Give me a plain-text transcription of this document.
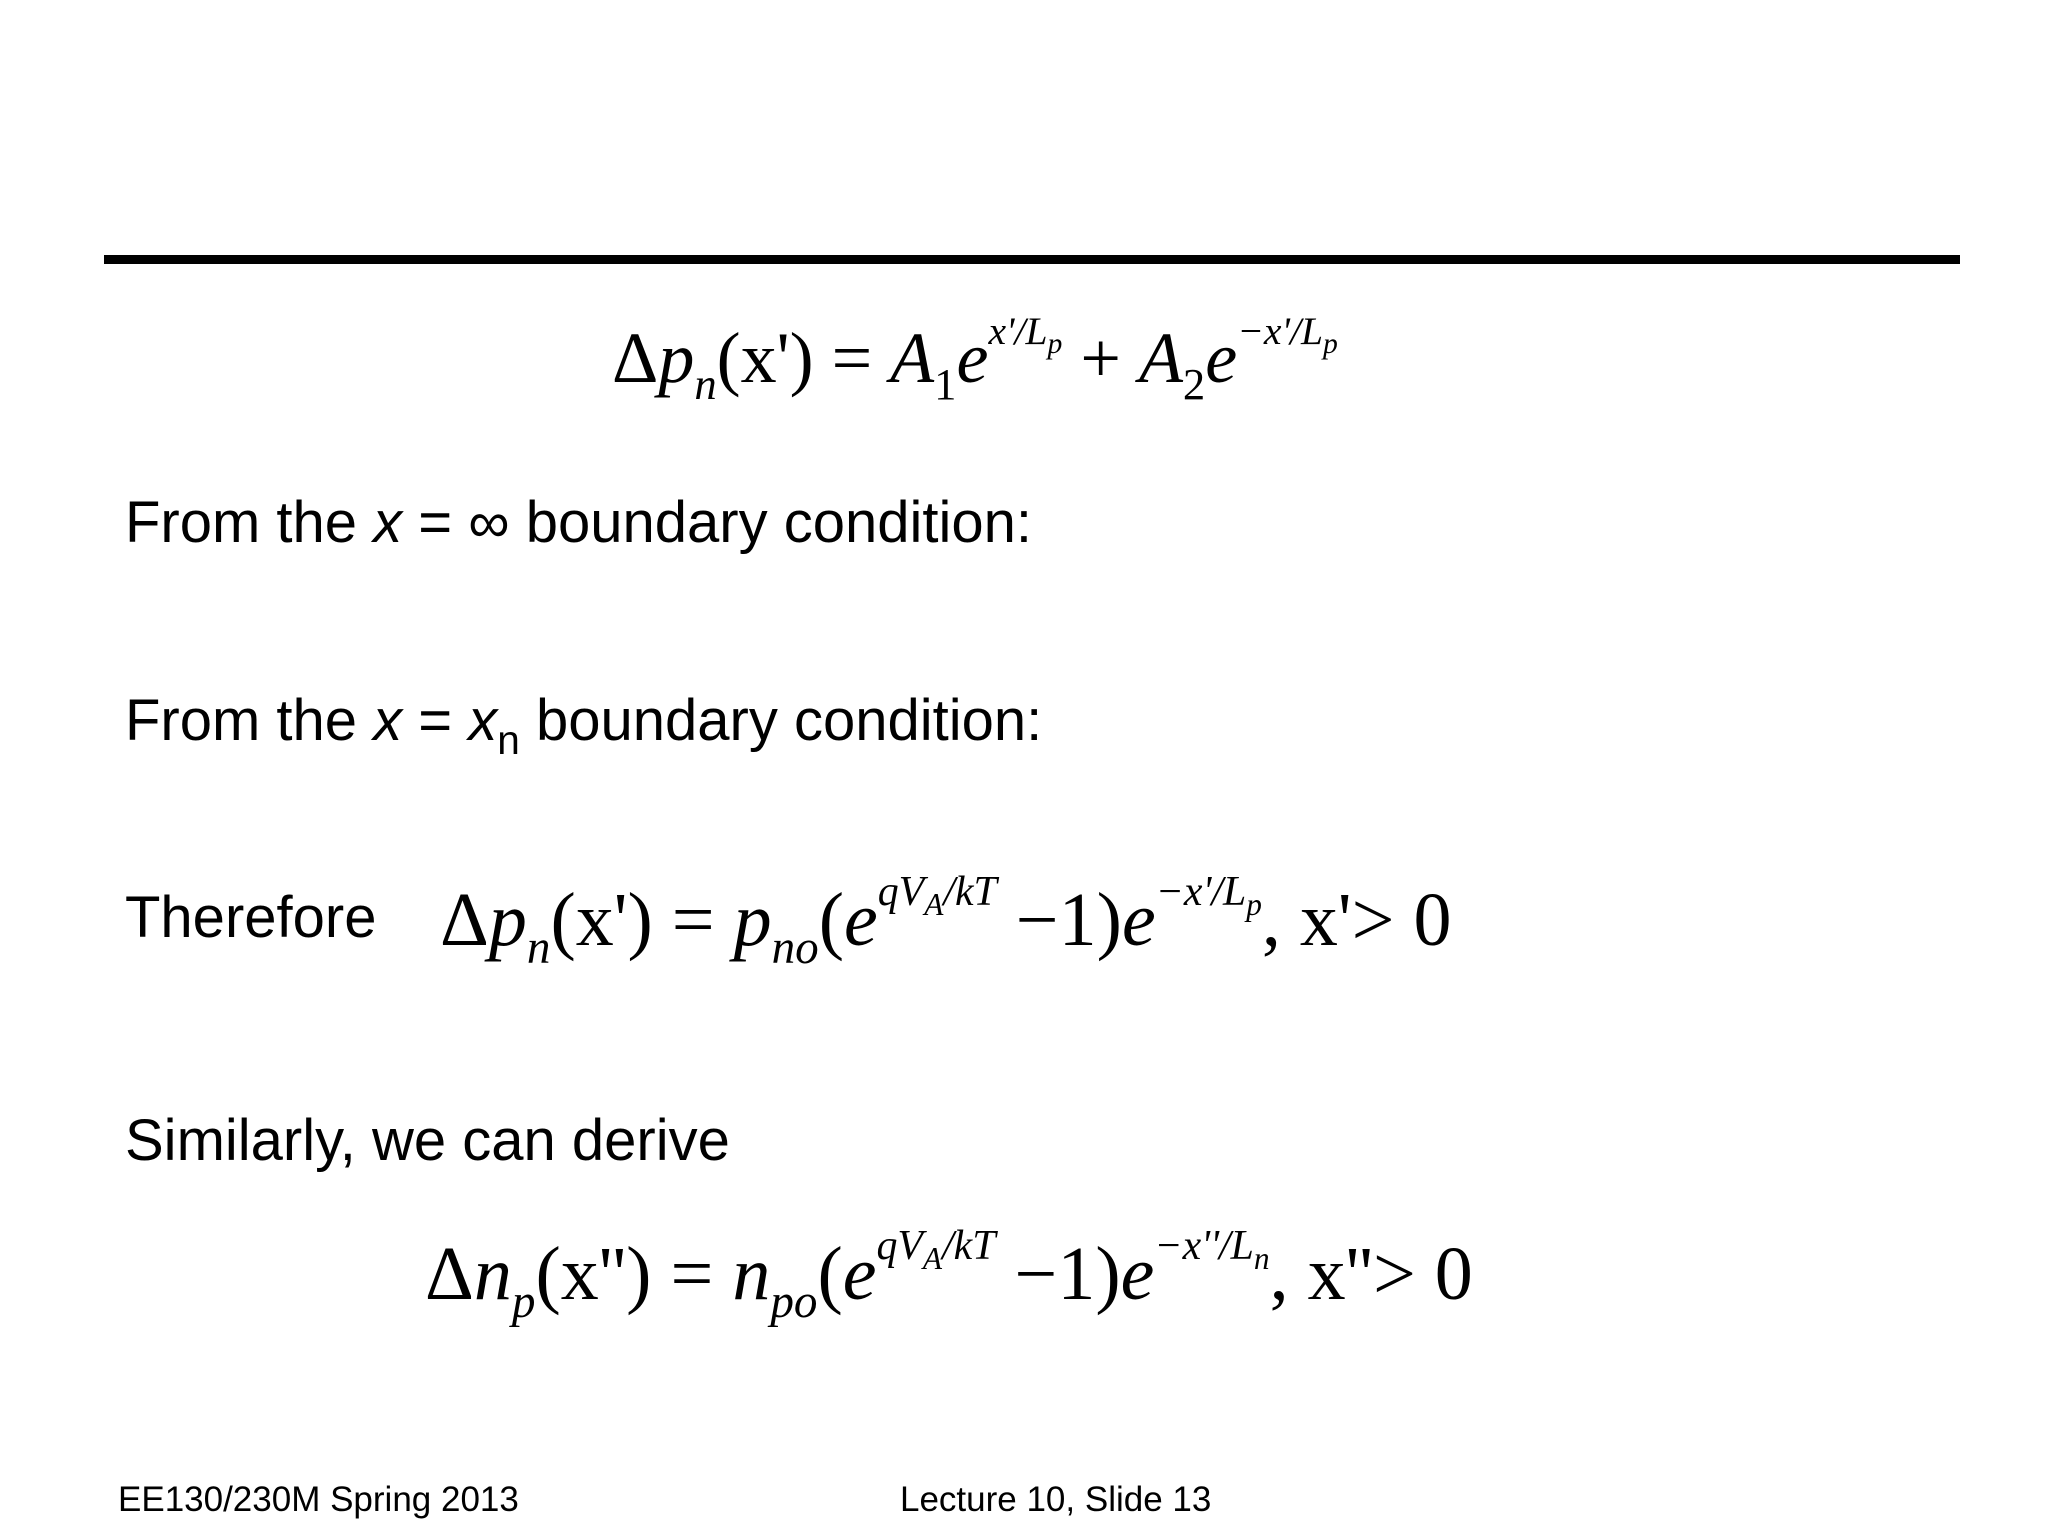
$\Delta p_n(x') = A_1e^{x'/L_p} + A_2e^{-x'/L_p}$
From the x = ∞ boundary condition:
From the $x = x_n$ boundary condition:
Therefore $\Delta p_n(x') = p_{no}(e^{qV_A/kT} -1)e^{-x'/L_p}$, x'> 0
Similarly, we can derive
$\Delta n_p(x'') = n_{po}(e^{qV_A/kT} -1)e^{-x''/L_n}$, x''> 0
EE130/230M Spring 2013	Lecture 10, Slide 13
